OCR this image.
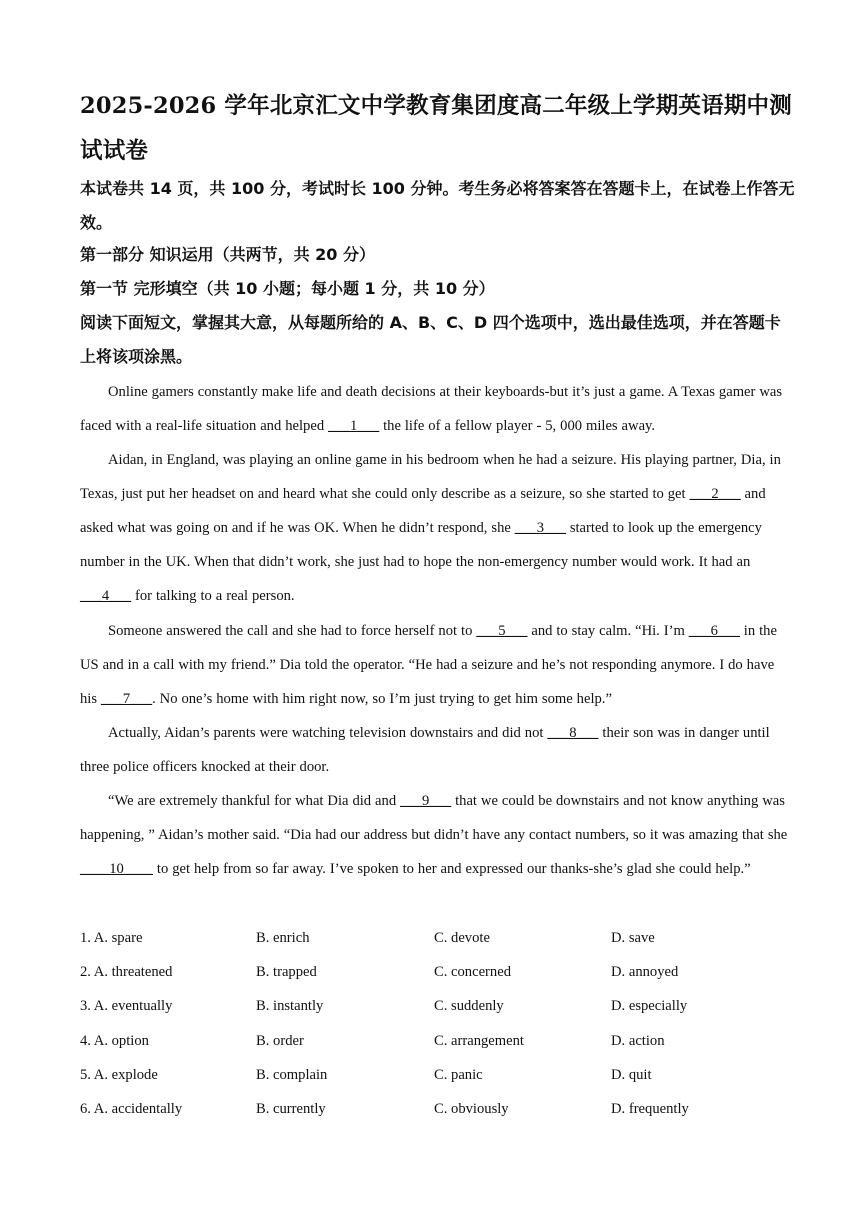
2025-2026 学年北京汇文中学教育集团度高二年级上学期英语期中测试试卷
本试卷共 14 页，共 100 分，考试时长 100 分钟。考生务必将答案答在答题卡上，在试卷上作答无效。
第一部分 知识运用（共两节，共 20 分）
第一节 完形填空（共 10 小题；每小题 1 分，共 10 分）
阅读下面短文，掌握其大意，从每题所给的 A、B、C、D 四个选项中，选出最佳选项，并在答题卡上将该项涂黑。
Online gamers constantly make life and death decisions at their keyboards-but it’s just a game. A Texas gamer was faced with a real-life situation and helped ___1___ the life of a fellow player - 5, 000 miles away.
Aidan, in England, was playing an online game in his bedroom when he had a seizure. His playing partner, Dia, in Texas, just put her headset on and heard what she could only describe as a seizure, so she started to get ___2___ and asked what was going on and if he was OK. When he didn’t respond, she ___3___ started to look up the emergency number in the UK. When that didn’t work, she just had to hope the non-emergency number would work. It had an ___4___ for talking to a real person.
Someone answered the call and she had to force herself not to ___5___ and to stay calm. “Hi. I’m ___6___ in the US and in a call with my friend.” Dia told the operator. “He had a seizure and he’s not responding anymore. I do have his ___7___. No one’s home with him right now, so I’m just trying to get him some help.”
Actually, Aidan’s parents were watching television downstairs and did not ___8___ their son was in danger until three police officers knocked at their door.
“We are extremely thankful for what Dia did and ___9___ that we could be downstairs and not know anything was happening, ” Aidan’s mother said. “Dia had our address but didn’t have any contact numbers, so it was amazing that she ____10____ to get help from so far away. I’ve spoken to her and expressed our thanks-she’s glad she could help.”
1. A. spare	B. enrich	C. devote	D. save
2. A. threatened	B. trapped	C. concerned	D. annoyed
3. A. eventually	B. instantly	C. suddenly	D. especially
4. A. option	B. order	C. arrangement	D. action
5. A. explode	B. complain	C. panic	D. quit
6. A. accidentally	B. currently	C. obviously	D. frequently
